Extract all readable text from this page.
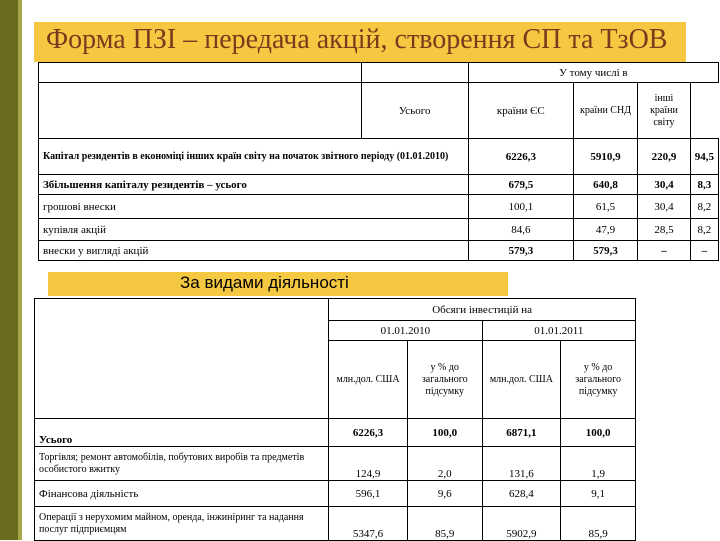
Форма ПЗІ – передача акцій, створення СП та ТзОВ
		У тому числі в			

	Усього	країни ЄС	країни СНД	інші країни світу	
Капітал резидентів в економіці інших країн світу на початок звітного періоду (01.01.2010)		6226,3	5910,9	220,9	94,5
Збільшення капіталу резидентів – усього		679,5	640,8	30,4	8,3
грошові внески		100,1	61,5	30,4	8,2
купівля акцій		84,6	47,9	28,5	8,2
внески у вигляді акцій		579,3	579,3	–	–
За видами діяльності
	Обсяги інвестицій на			
	01.01.2010		01.01.2011	
	млн.дол. США	у % до загального підсумку	млн.дол. США	у % до загального підсумку
Усього	6226,3	100,0	6871,1	100,0
Торгівля; ремонт автомобілів, побутових виробів та предметів особистого вжитку	124,9	2,0	131,6	1,9
Фінансова діяльність	596,1	9,6	628,4	9,1
Операції з нерухомим майном, оренда, інжиніринг та надання послуг підприємцям	5347,6	85,9	5902,9	85,9
